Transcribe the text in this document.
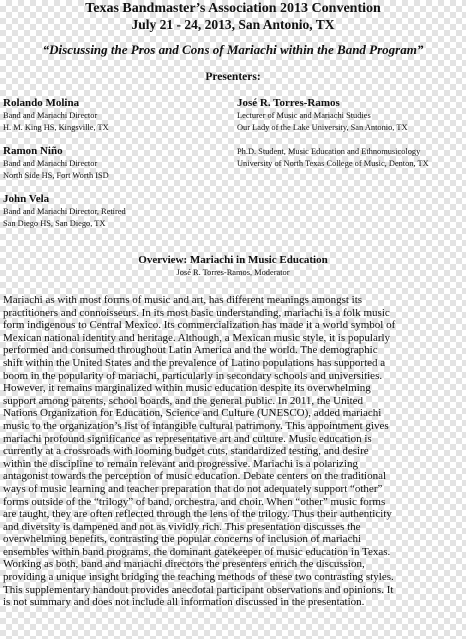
Texas Bandmaster’s Association 2013 Convention
July 21 - 24, 2013, San Antonio, TX
“Discussing the Pros and Cons of Mariachi within the Band Program”
Presenters:
Rolando Molina
Band and Mariachi Director
H. M. King HS, Kingsville, TX
Ramon Niño
Band and Mariachi Director
North Side HS, Fort Worth ISD
John Vela
Band and Mariachi Director, Retired
San Diego HS, San Diego, TX
José R. Torres-Ramos
Lecturer of Music and Mariachi Studies
Our Lady of the Lake University, San Antonio, TX
Ph.D. Student, Music Education and Ethnomusicology
University of North Texas College of Music, Denton, TX
Overview: Mariachi in Music Education
José R. Torres-Ramos, Moderator
Mariachi as with most forms of music and art, has different meanings amongst its
practitioners and connoisseurs. In its most basic understanding, mariachi is a folk music
form indigenous to Central Mexico. Its commercialization has made it a world symbol of
Mexican national identity and heritage. Although, a Mexican music style, it is popularly
performed and consumed throughout Latin America and the world. The demographic
shift within the United States and the prevalence of Latino populations has supported a
boom in the popularity of mariachi, particularly in secondary schools and universities.
However, it remains marginalized within music education despite its overwhelming
support among parents, school boards, and the general public. In 2011, the United
Nations Organization for Education, Science and Culture (UNESCO), added mariachi
music to the organization’s list of intangible cultural patrimony. This appointment gives
mariachi profound significance as representative art and culture. Music education is
currently at a crossroads with looming budget cuts, standardized testing, and desire
within the discipline to remain relevant and progressive. Mariachi is a polarizing
antagonist towards the perception of music education. Debate centers on the traditional
ways of music learning and teacher preparation that do not adequately support “other”
forms outside of the “trilogy” of band, orchestra, and choir. When “other” music forms
are taught, they are often reflected through the lens of the trilogy. Thus their authenticity
and diversity is dampened and not as vividly rich. This presentation discusses the
overwhelming benefits, contrasting the popular concerns of inclusion of mariachi
ensembles within band programs, the dominant gatekeeper of music education in Texas.
Working as both, band and mariachi directors the presenters enrich the discussion,
providing a unique insight bridging the teaching methods of these two contrasting styles.
This supplementary handout provides anecdotal participant observations and opinions. It
is not summary and does not include all information discussed in the presentation.
